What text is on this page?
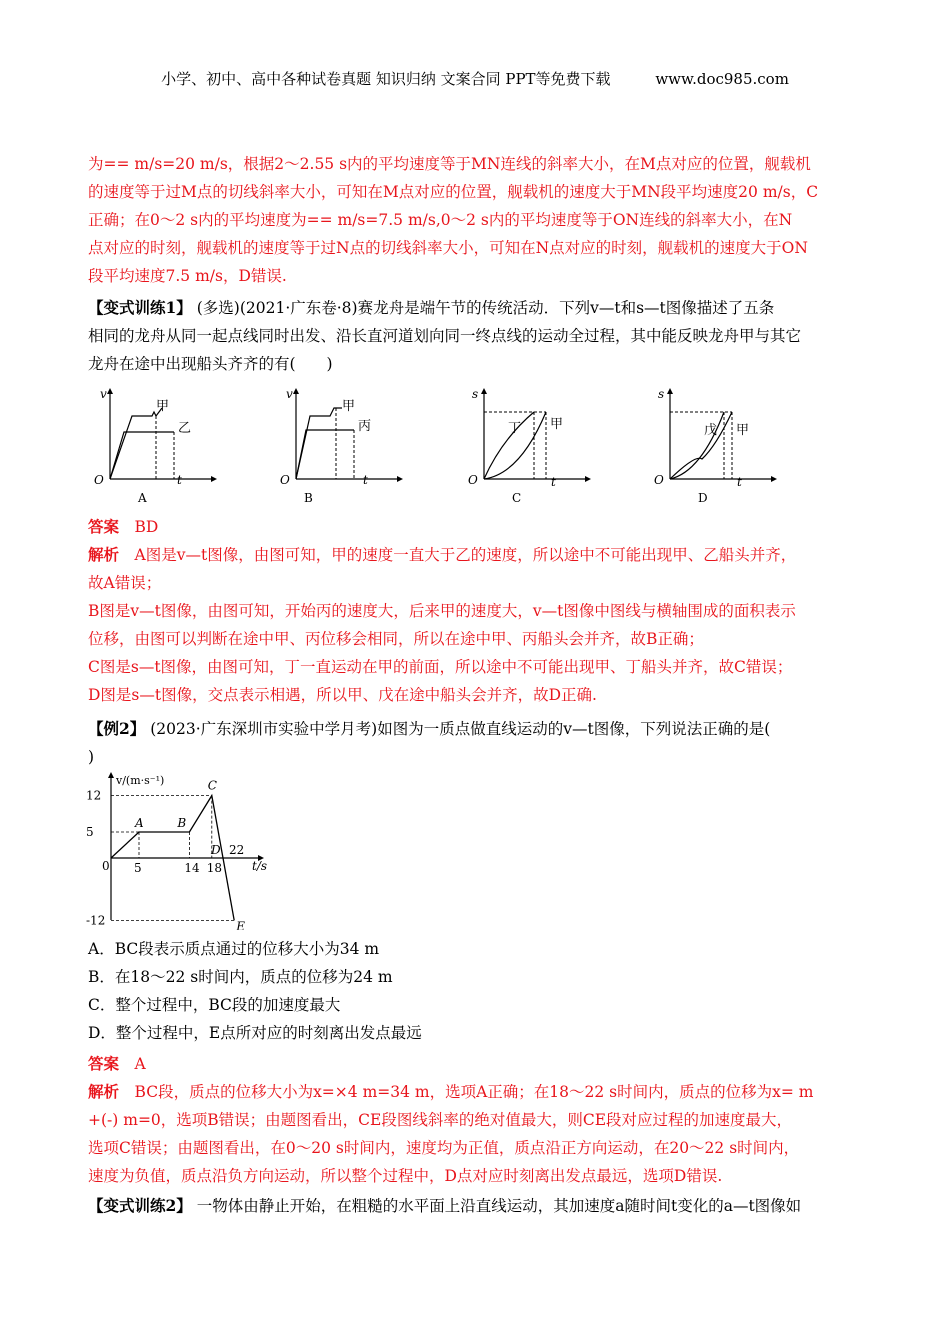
小学、初中、高中各种试卷真题 知识归纳 文案合同 PPT等免费下载	www.doc985.com
为== m/s=20 m/s，根据2～2.55 s内的平均速度等于MN连线的斜率大小，在M点对应的位置，舰载机
的速度等于过M点的切线斜率大小，可知在M点对应的位置，舰载机的速度大于MN段平均速度20 m/s，C
正确；在0～2 s内的平均速度为== m/s=7.5 m/s,0～2 s内的平均速度等于ON连线的斜率大小，在N
点对应的时刻，舰载机的速度等于过N点的切线斜率大小，可知在N点对应的时刻，舰载机的速度大于ON
段平均速度7.5 m/s，D错误.
【变式训练1】 (多选)(2021·广东卷·8)赛龙舟是端午节的传统活动．下列v—t和s—t图像描述了五条
相同的龙舟从同一起点线同时出发、沿长直河道划向同一终点线的运动全过程，其中能反映龙舟甲与其它
龙舟在途中出现船头齐齐的有(　　)
v
t
O
甲
乙
A
v
t
O
甲
丙
B
s
t
O
甲
丁
C
s
t
O
甲
戊
D
答案　 BD
解析　 A图是v—t图像，由图可知，甲的速度一直大于乙的速度，所以途中不可能出现甲、乙船头并齐，
故A错误；
B图是v—t图像，由图可知，开始丙的速度大，后来甲的速度大，v—t图像中图线与横轴围成的面积表示
位移，由图可以判断在途中甲、丙位移会相同，所以在途中甲、丙船头会并齐，故B正确；
C图是s—t图像，由图可知，丁一直运动在甲的前面，所以途中不可能出现甲、丁船头并齐，故C错误；
D图是s—t图像，交点表示相遇，所以甲、戊在途中船头会并齐，故D正确.
【例2】 (2023·广东深圳市实验中学月考)如图为一质点做直线运动的v—t图像，下列说法正确的是(
)
v/(m·s⁻¹)
t/s
0
12
5
-12
5	14 18
22
A	B
C
D
E
A．BC段表示质点通过的位移大小为34 m
B．在18～22 s时间内，质点的位移为24 m
C．整个过程中，BC段的加速度最大
D．整个过程中，E点所对应的时刻离出发点最远
答案　 A
解析　 BC段，质点的位移大小为x=×4 m=34 m，选项A正确；在18～22 s时间内，质点的位移为x= m
+(-) m=0，选项B错误；由题图看出，CE段图线斜率的绝对值最大，则CE段对应过程的加速度最大，
选项C错误；由题图看出，在0～20 s时间内，速度均为正值，质点沿正方向运动，在20～22 s时间内，
速度为负值，质点沿负方向运动，所以整个过程中，D点对应时刻离出发点最远，选项D错误.
【变式训练2】 一物体由静止开始，在粗糙的水平面上沿直线运动，其加速度a随时间t变化的a—t图像如
